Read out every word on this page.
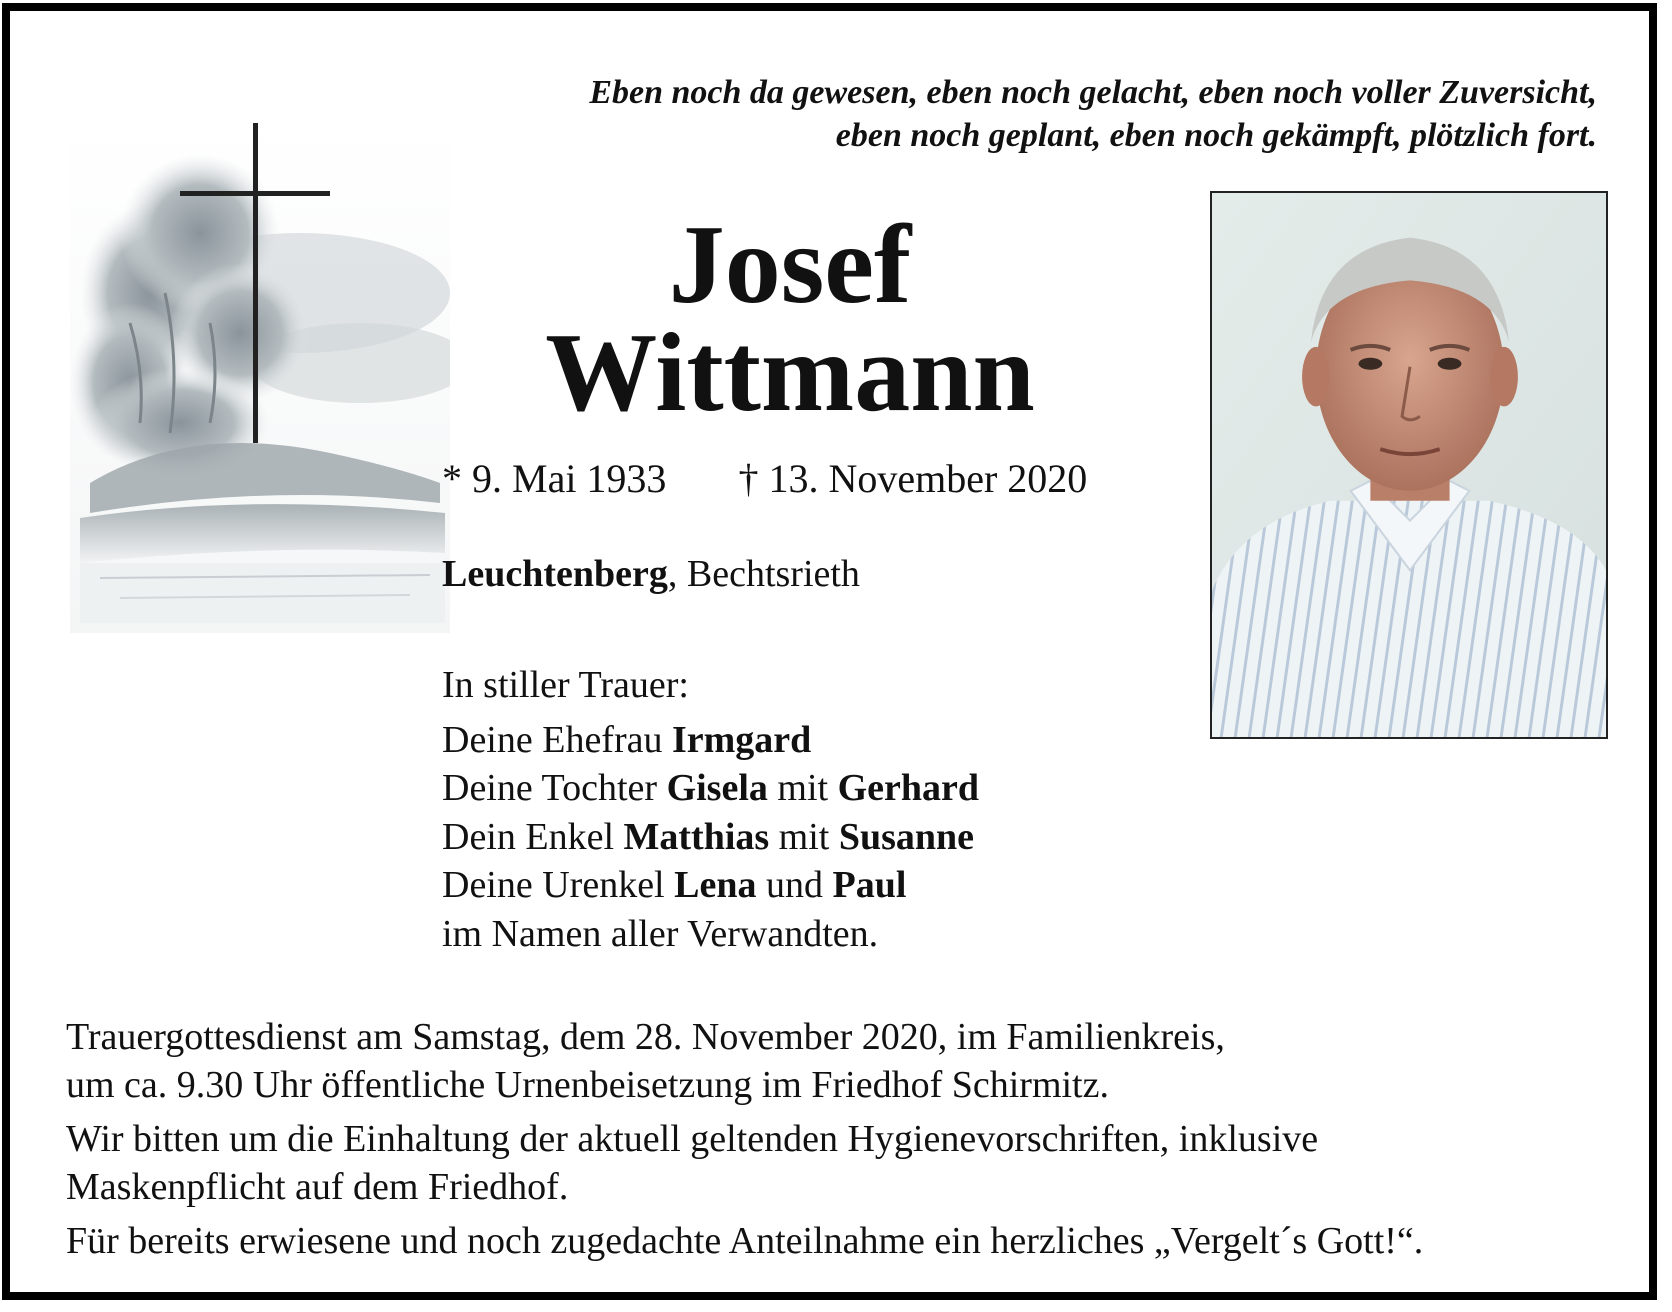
Eben noch da gewesen, eben noch gelacht, eben noch voller Zuversicht,
eben noch geplant, eben noch gekämpft, plötzlich fort.
Josef
Wittmann
* 9. Mai 1933 † 13. November 2020
Leuchtenberg, Bechtsrieth
In stiller Trauer:
Deine Ehefrau Irmgard
Deine Tochter Gisela mit Gerhard
Dein Enkel Matthias mit Susanne
Deine Urenkel Lena und Paul
im Namen aller Verwandten.

Trauergottesdienst am Samstag, dem 28. November 2020, im Familienkreis,
um ca. 9.30 Uhr öffentliche Urnenbeisetzung im Friedhof Schirmitz.

Wir bitten um die Einhaltung der aktuell geltenden Hygienevorschriften, inklusive
Maskenpflicht auf dem Friedhof.

Für bereits erwiesene und noch zugedachte Anteilnahme ein herzliches „Vergelt´s Gott!“.
